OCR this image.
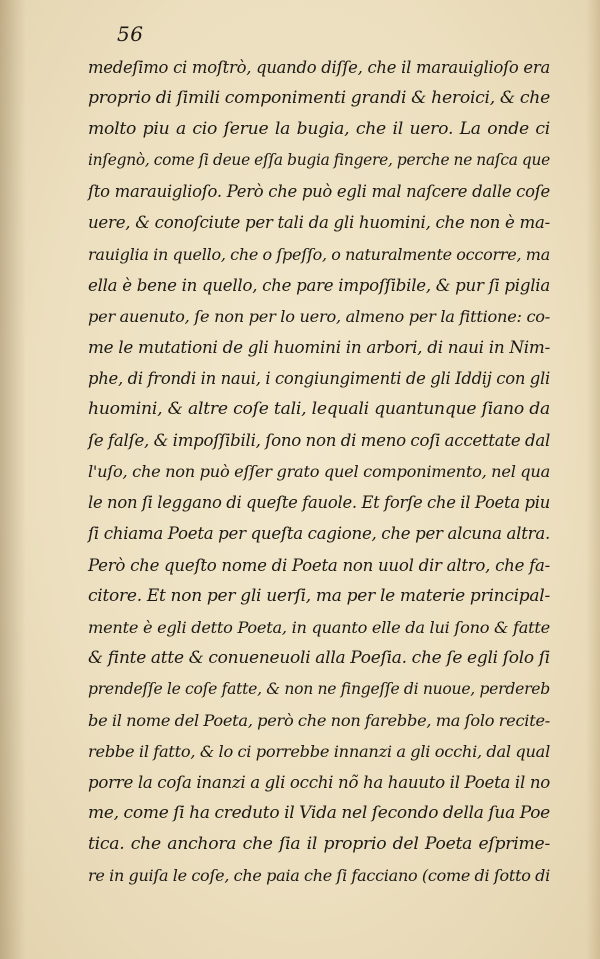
56
medeſimo ci moſtrò, quando diſſe, che il marauiglioſo era
proprio di ſimili componimenti grandi & heroici, & che
molto piu a cio ſerue la bugia, che il uero. La onde ci
inſegnò, come ſi deue eſſa bugia fingere, perche ne naſca que
ſto marauiglioſo. Però che può egli mal naſcere dalle coſe
uere, & conoſciute per tali da gli huomini, che non è ma-
rauiglia in quello, che o ſpeſſo, o naturalmente occorre, ma
ella è bene in quello, che pare impoſſibile, & pur ſi piglia
per auenuto, ſe non per lo uero, almeno per la fittione: co-
me le mutationi de gli huomini in arbori, di naui in Nim-
phe, di frondi in naui, i congiungimenti de gli Iddij con gli
huomini, & altre coſe tali, lequali quantunque ſiano da
ſe falſe, & impoſſibili, ſono non di meno coſi accettate dal
l'uſo, che non può eſſer grato quel componimento, nel qua
le non ſi leggano di queſte fauole. Et forſe che il Poeta piu
ſi chiama Poeta per queſta cagione, che per alcuna altra.
Però che queſto nome di Poeta non uuol dir altro, che fa-
citore. Et non per gli uerſi, ma per le materie principal-
mente è egli detto Poeta, in quanto elle da lui ſono & fatte
& finte atte & conueneuoli alla Poeſia. che ſe egli ſolo ſi
prendeſſe le coſe fatte, & non ne fingeſſe di nuoue, perdereb
be il nome del Poeta, però che non farebbe, ma ſolo recite-
rebbe il fatto, & lo ci porrebbe innanzi a gli occhi, dal qual
porre la coſa inanzi a gli occhi nõ ha hauuto il Poeta il no
me, come ſi ha creduto il Vida nel ſecondo della ſua Poe
tica. che anchora che ſia il proprio del Poeta eſprime-
re in guiſa le coſe, che paia che ſi facciano (come di ſotto di
